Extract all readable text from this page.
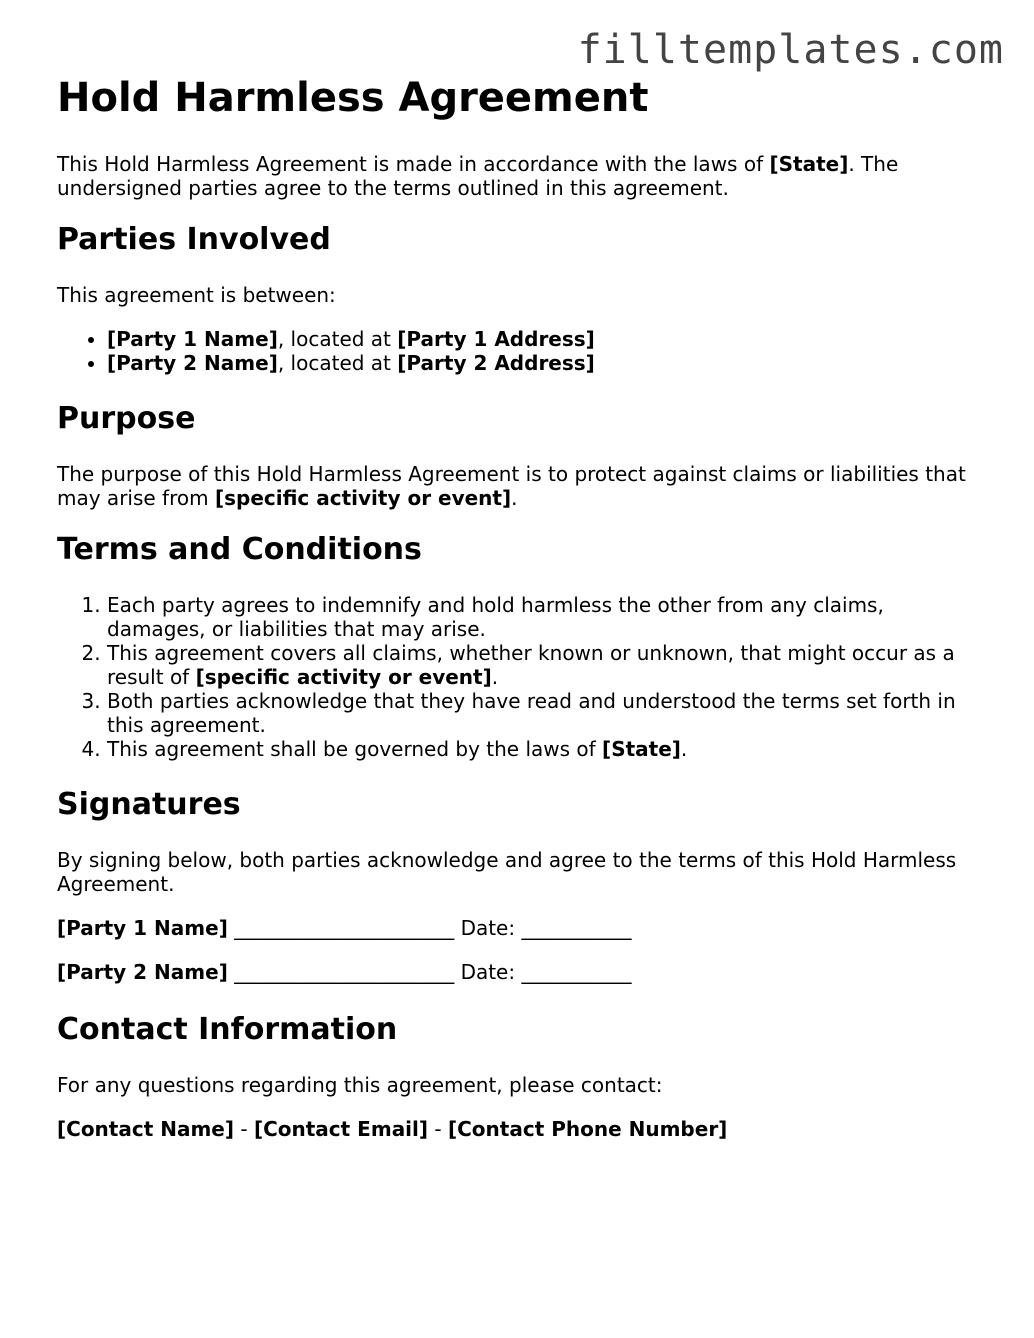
filltemplates.com
Hold Harmless Agreement

This Hold Harmless Agreement is made in accordance with the laws of [State]. The undersigned parties agree to the terms outlined in this agreement.

Parties Involved

This agreement is between:

• [Party 1 Name], located at [Party 1 Address]
• [Party 2 Name], located at [Party 2 Address]
Purpose

The purpose of this Hold Harmless Agreement is to protect against claims or liabilities that may arise from [specific activity or event].

Terms and Conditions
1. Each party agrees to indemnify and hold harmless the other from any claims, damages, or liabilities that may arise.
2. This agreement covers all claims, whether known or unknown, that might occur as a result of [specific activity or event].
3. Both parties acknowledge that they have read and understood the terms set forth in this agreement.
4. This agreement shall be governed by the laws of [State].
Signatures

By signing below, both parties acknowledge and agree to the terms of this Hold Harmless Agreement.

[Party 1 Name] ______________________ Date: ___________
[Party 2 Name] ______________________ Date: ___________
Contact Information

For any questions regarding this agreement, please contact:

[Contact Name] - [Contact Email] - [Contact Phone Number]
